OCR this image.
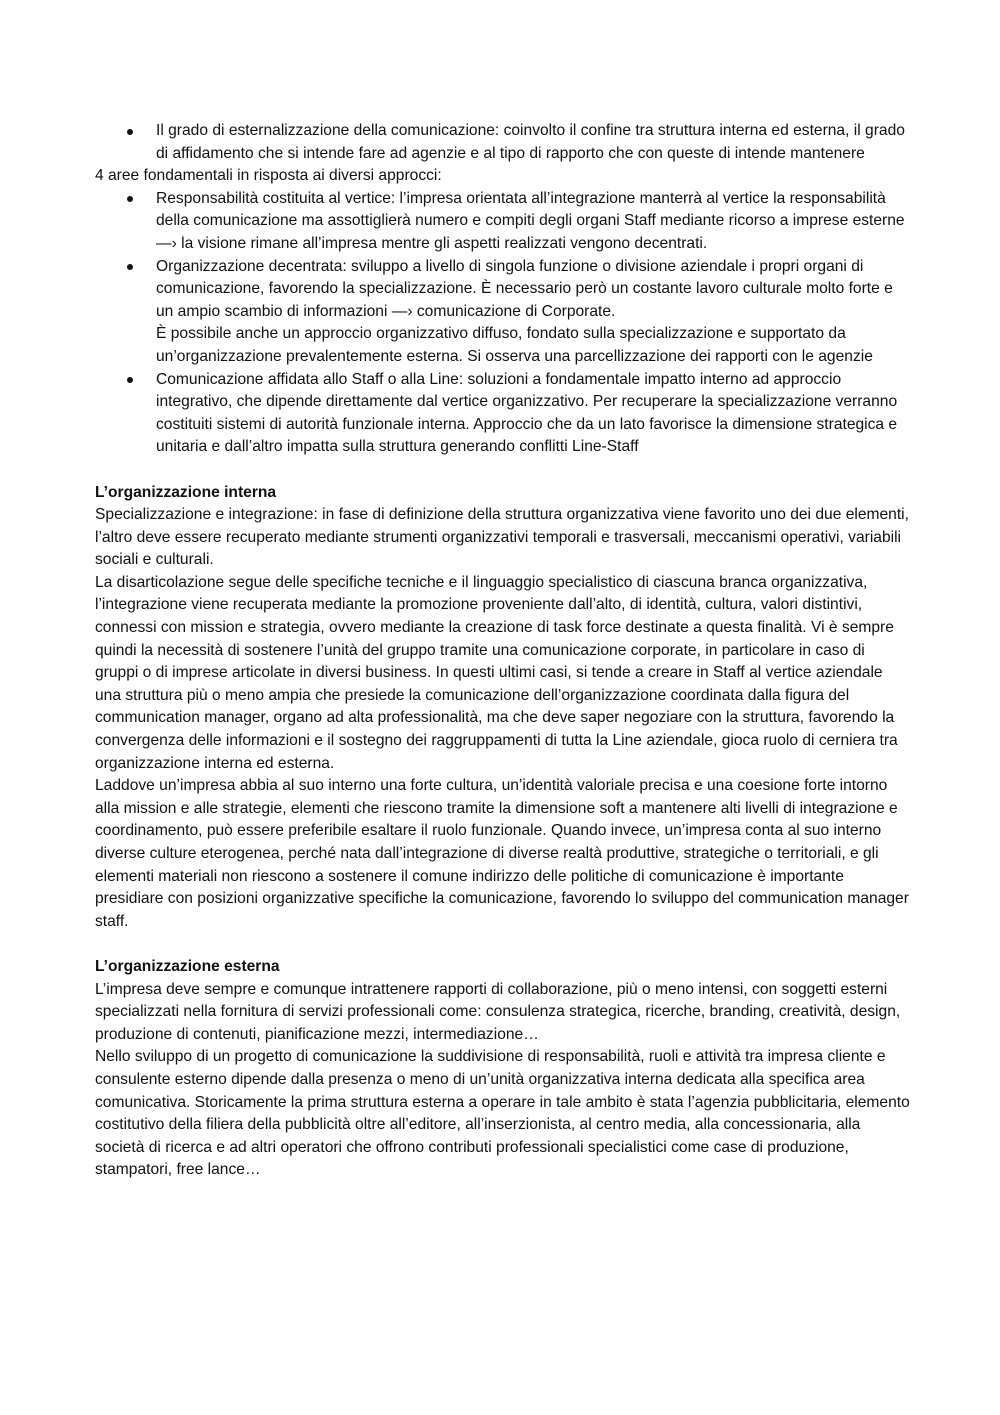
Il grado di esternalizzazione della comunicazione: coinvolto il confine tra struttura interna ed esterna, il grado di affidamento che si intende fare ad agenzie e al tipo di rapporto che con queste di intende mantenere

4 aree fondamentali in risposta ai diversi approcci:

Responsabilità costituita al vertice: l’impresa orientata all’integrazione manterrà al vertice la responsabilità della comunicazione ma assottiglierà numero e compiti degli organi Staff mediante ricorso a imprese esterne —› la visione rimane all’impresa mentre gli aspetti realizzati vengono decentrati.
Organizzazione decentrata: sviluppo a livello di singola funzione o divisione aziendale i propri organi di comunicazione, favorendo la specializzazione. È necessario però un costante lavoro culturale molto forte e un ampio scambio di informazioni —› comunicazione di Corporate.
È possibile anche un approccio organizzativo diffuso, fondato sulla specializzazione e supportato da un’organizzazione prevalentemente esterna. Si osserva una parcellizzazione dei rapporti con le agenzie
Comunicazione affidata allo Staff o alla Line: soluzioni a fondamentale impatto interno ad approccio integrativo, che dipende direttamente dal vertice organizzativo. Per recuperare la specializzazione verranno costituiti sistemi di autorità funzionale interna. Approccio che da un lato favorisce la dimensione strategica e unitaria e dall’altro impatta sulla struttura generando conflitti Line-Staff
L’organizzazione interna

Specializzazione e integrazione: in fase di definizione della struttura organizzativa viene favorito uno dei due elementi, l’altro deve essere recuperato mediante strumenti organizzativi temporali e trasversali, meccanismi operativi, variabili sociali e culturali.

La disarticolazione segue delle specifiche tecniche e il linguaggio specialistico di ciascuna branca organizzativa, l’integrazione viene recuperata mediante la promozione proveniente dall’alto, di identità, cultura, valori distintivi, connessi con mission e strategia, ovvero mediante la creazione di task force destinate a questa finalità. Vi è sempre quindi la necessità di sostenere l’unità del gruppo tramite una comunicazione corporate, in particolare in caso di gruppi o di imprese articolate in diversi business. In questi ultimi casi, si tende a creare in Staff al vertice aziendale una struttura più o meno ampia che presiede la comunicazione dell’organizzazione coordinata dalla figura del communication manager, organo ad alta professionalità, ma che deve saper negoziare con la struttura, favorendo la convergenza delle informazioni e il sostegno dei raggruppamenti di tutta la Line aziendale, gioca ruolo di cerniera tra organizzazione interna ed esterna.

Laddove un’impresa abbia al suo interno una forte cultura, un’identità valoriale precisa e una coesione forte intorno alla mission e alle strategie, elementi che riescono tramite la dimensione soft a mantenere alti livelli di integrazione e coordinamento, può essere preferibile esaltare il ruolo funzionale. Quando invece, un’impresa conta al suo interno diverse culture eterogenea, perché nata dall’integrazione di diverse realtà produttive, strategiche o territoriali, e gli elementi materiali non riescono a sostenere il comune indirizzo delle politiche di comunicazione è importante presidiare con posizioni organizzative specifiche la comunicazione, favorendo lo sviluppo del communication manager staff.

L’organizzazione esterna

L’impresa deve sempre e comunque intrattenere rapporti di collaborazione, più o meno intensi, con soggetti esterni specializzati nella fornitura di servizi professionali come: consulenza strategica, ricerche, branding, creatività, design, produzione di contenuti, pianificazione mezzi, intermediazione…

Nello sviluppo di un progetto di comunicazione la suddivisione di responsabilità, ruoli e attività tra impresa cliente e consulente esterno dipende dalla presenza o meno di un’unità organizzativa interna dedicata alla specifica area comunicativa. Storicamente la prima struttura esterna a operare in tale ambito è stata l’agenzia pubblicitaria, elemento costitutivo della filiera della pubblicità oltre all’editore, all’inserzionista, al centro media, alla concessionaria, alla società di ricerca e ad altri operatori che offrono contributi professionali specialistici come case di produzione, stampatori, free lance…
